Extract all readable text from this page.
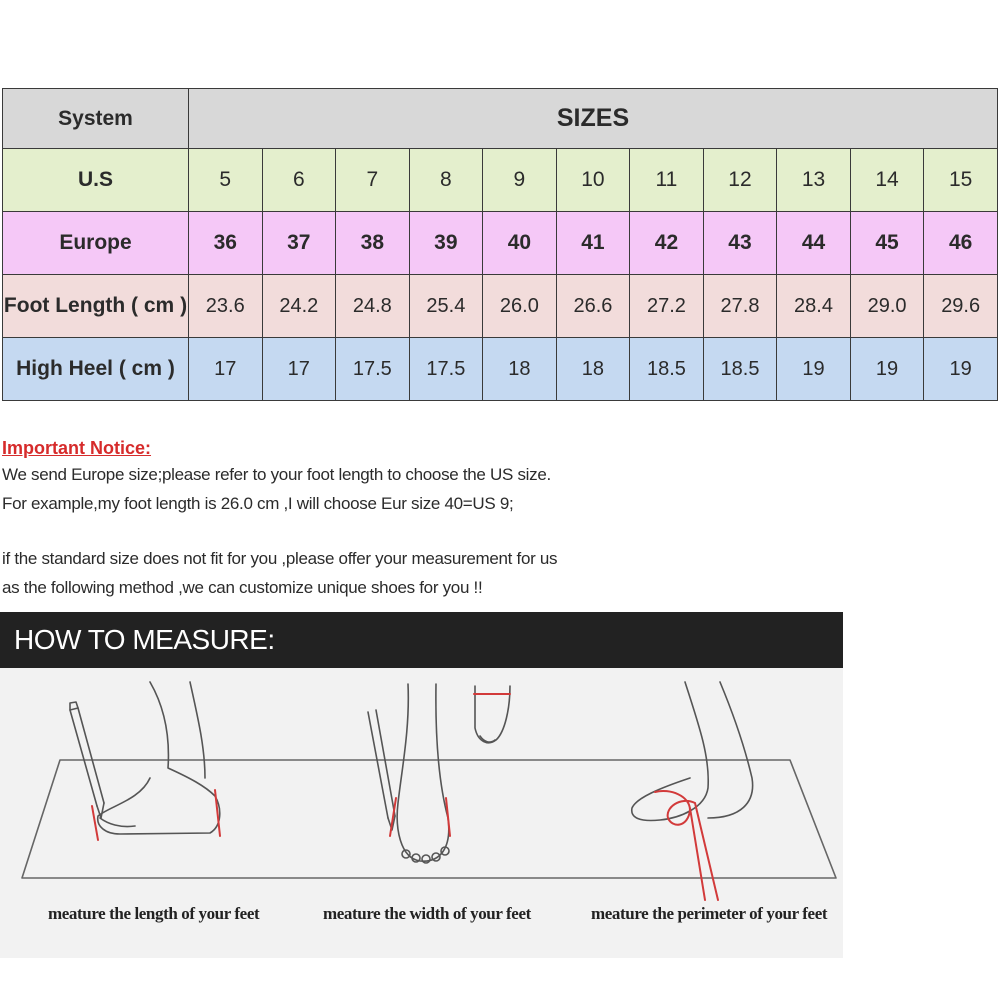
System	SIZES										
U.S	5	6	7	8	9	10	11	12	13	14	15
Europe	36	37	38	39	40	41	42	43	44	45	46
Foot Length ( cm )	23.6	24.2	24.8	25.4	26.0	26.6	27.2	27.8	28.4	29.0	29.6
High Heel ( cm )	17	17	17.5	17.5	18	18	18.5	18.5	19	19	19
Important Notice:
We send Europe size;please refer to your foot length to choose the US size.
For example,my foot length is 26.0 cm ,I will choose Eur size 40=US 9;
if the standard size does not fit for you ,please offer your measurement for us
as the following method ,we can customize unique shoes for you !!
HOW TO MEASURE:
meature the length of your feet	meature the width of your feet	meature the perimeter of your feet
